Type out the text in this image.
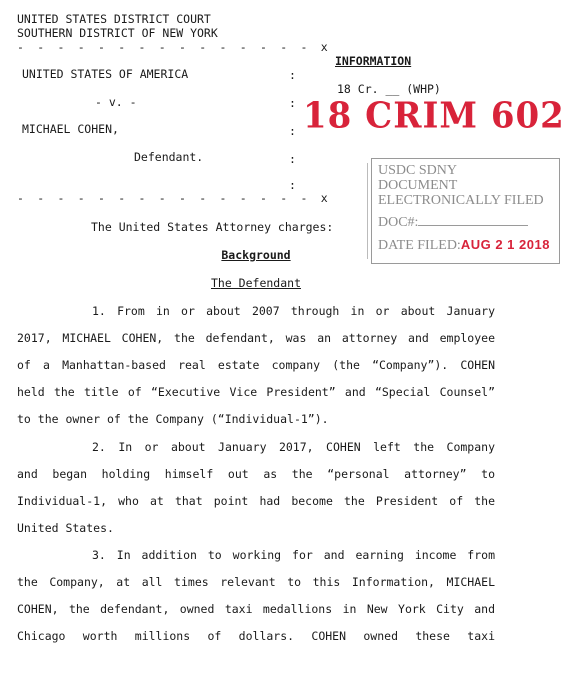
UNITED STATES DISTRICT COURT
SOUTHERN DISTRICT OF NEW YORK
- - - - - - - - - - - - - - - x
UNITED STATES OF AMERICA
- v. -
MICHAEL COHEN,
Defendant.
:
:
:
:
:
- - - - - - - - - - - - - - - x
INFORMATION
18 Cr. __ (WHP)
18 CRIM 602
USDC SDNY
DOCUMENT
ELECTRONICALLY FILED
DOC#:
DATE FILED:AUG 2 1 2018
The United States Attorney charges:
Background
The Defendant
1. From in or about 2007 through in or about January
2017, MICHAEL COHEN, the defendant, was an attorney and employee
of a Manhattan-based real estate company (the “Company”). COHEN
held the title of “Executive Vice President” and “Special Counsel”
to the owner of the Company (“Individual-1”).
2. In or about January 2017, COHEN left the Company
and began holding himself out as the “personal attorney” to
Individual-1, who at that point had become the President of the
United States.
3. In addition to working for and earning income from
the Company, at all times relevant to this Information, MICHAEL
COHEN, the defendant, owned taxi medallions in New York City and
Chicago worth millions of dollars. COHEN owned these taxi
